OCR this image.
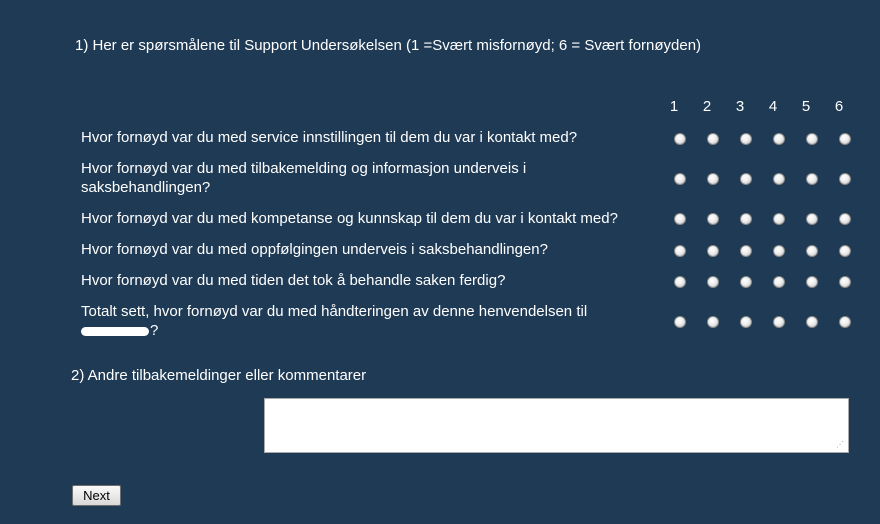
1) Her er spørsmålene til Support Undersøkelsen (1 =Svært misfornøyd; 6 = Svært fornøyden)
1	2	3	4	5	6
Hvor fornøyd var du med service innstillingen til dem du var i kontakt med?
Hvor fornøyd var du med tilbakemelding og informasjon underveis i saksbehandlingen?
Hvor fornøyd var du med kompetanse og kunnskap til dem du var i kontakt med?
Hvor fornøyd var du med oppfølgingen underveis i saksbehandlingen?
Hvor fornøyd var du med tiden det tok å behandle saken ferdig?
Totalt sett, hvor fornøyd var du med håndteringen av denne henvendelsen til
?
2) Andre tilbakemeldinger eller kommentarer
⋰
Next
